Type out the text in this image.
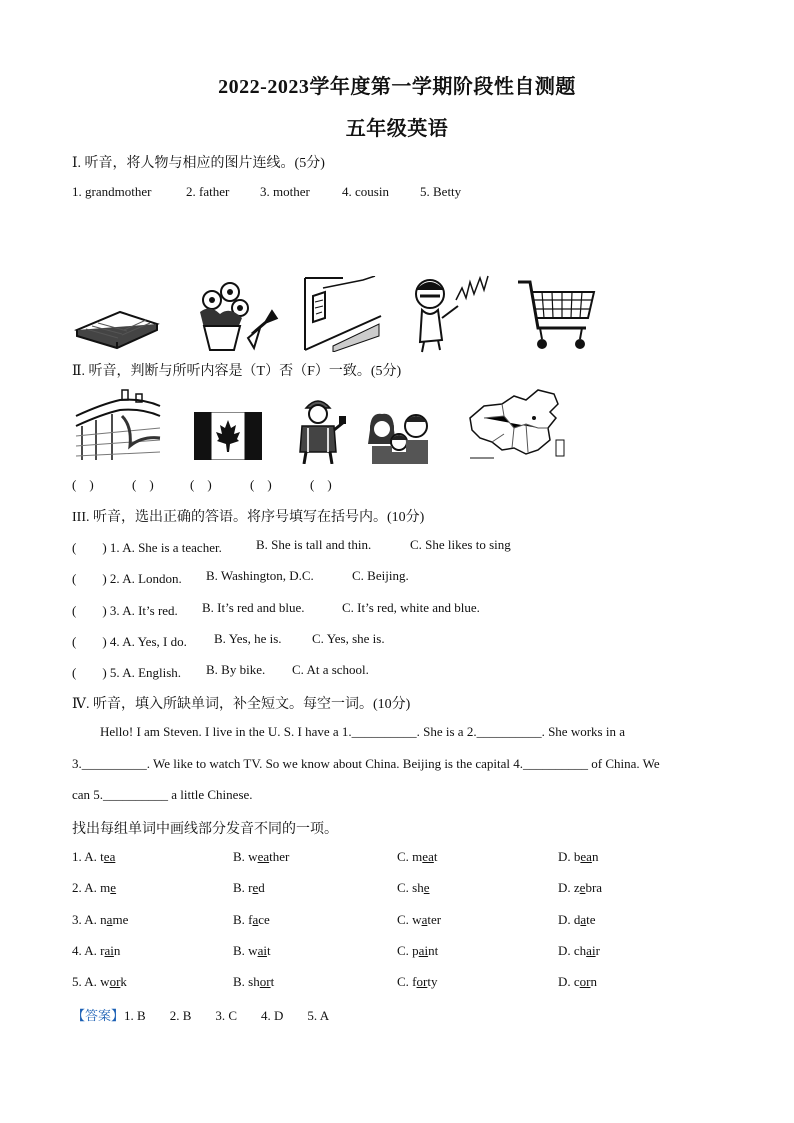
2022-2023学年度第一学期阶段性自测题
五年级英语
Ⅰ. 听音，将人物与相应的图片连线。(5分)
1. grandmother	2. father 3. mother 4. cousin 5. Betty
Ⅱ. 听音，判断与所听内容是（T）否（F）一致。(5分)
(　)	(　)	(　)	(　)	(　)
III. 听音，选出正确的答语。将序号填写在括号内。(10分)
(　　) 1. A. She is a teacher.	B. She is tall and thin.	C. She likes to sing
(　　) 2. A. London. B. Washington, D.C.	C. Beijing.
(　　) 3. A. It’s red. B. It’s red and blue.	C. It’s red, white and blue.
(　　) 4. A. Yes, I do. B. Yes, he is. C. Yes, she is.
(　　) 5. A. English. B. By bike. C. At a school.
Ⅳ. 听音，填入所缺单词，补全短文。每空一词。(10分)
Hello! I am Steven. I live in the U. S. I have a 1.__________. She is a 2.__________. She works in a
3.__________. We like to watch TV. So we know about China. Beijing is the capital 4.__________ of China. We
can 5.__________ a little Chinese.
找出每组单词中画线部分发音不同的一项。
1. A. tea	B. weather	C. meat	D. bean
2. A. me	B. red	C. she	D. zebra
3. A. name	B. face	C. water	D. date
4. A. rain	B. wait	C. paint	D. chair
5. A. work	B. short	C. forty	D. corn
【答案】1. B 2. B 3. C 4. D 5. A
